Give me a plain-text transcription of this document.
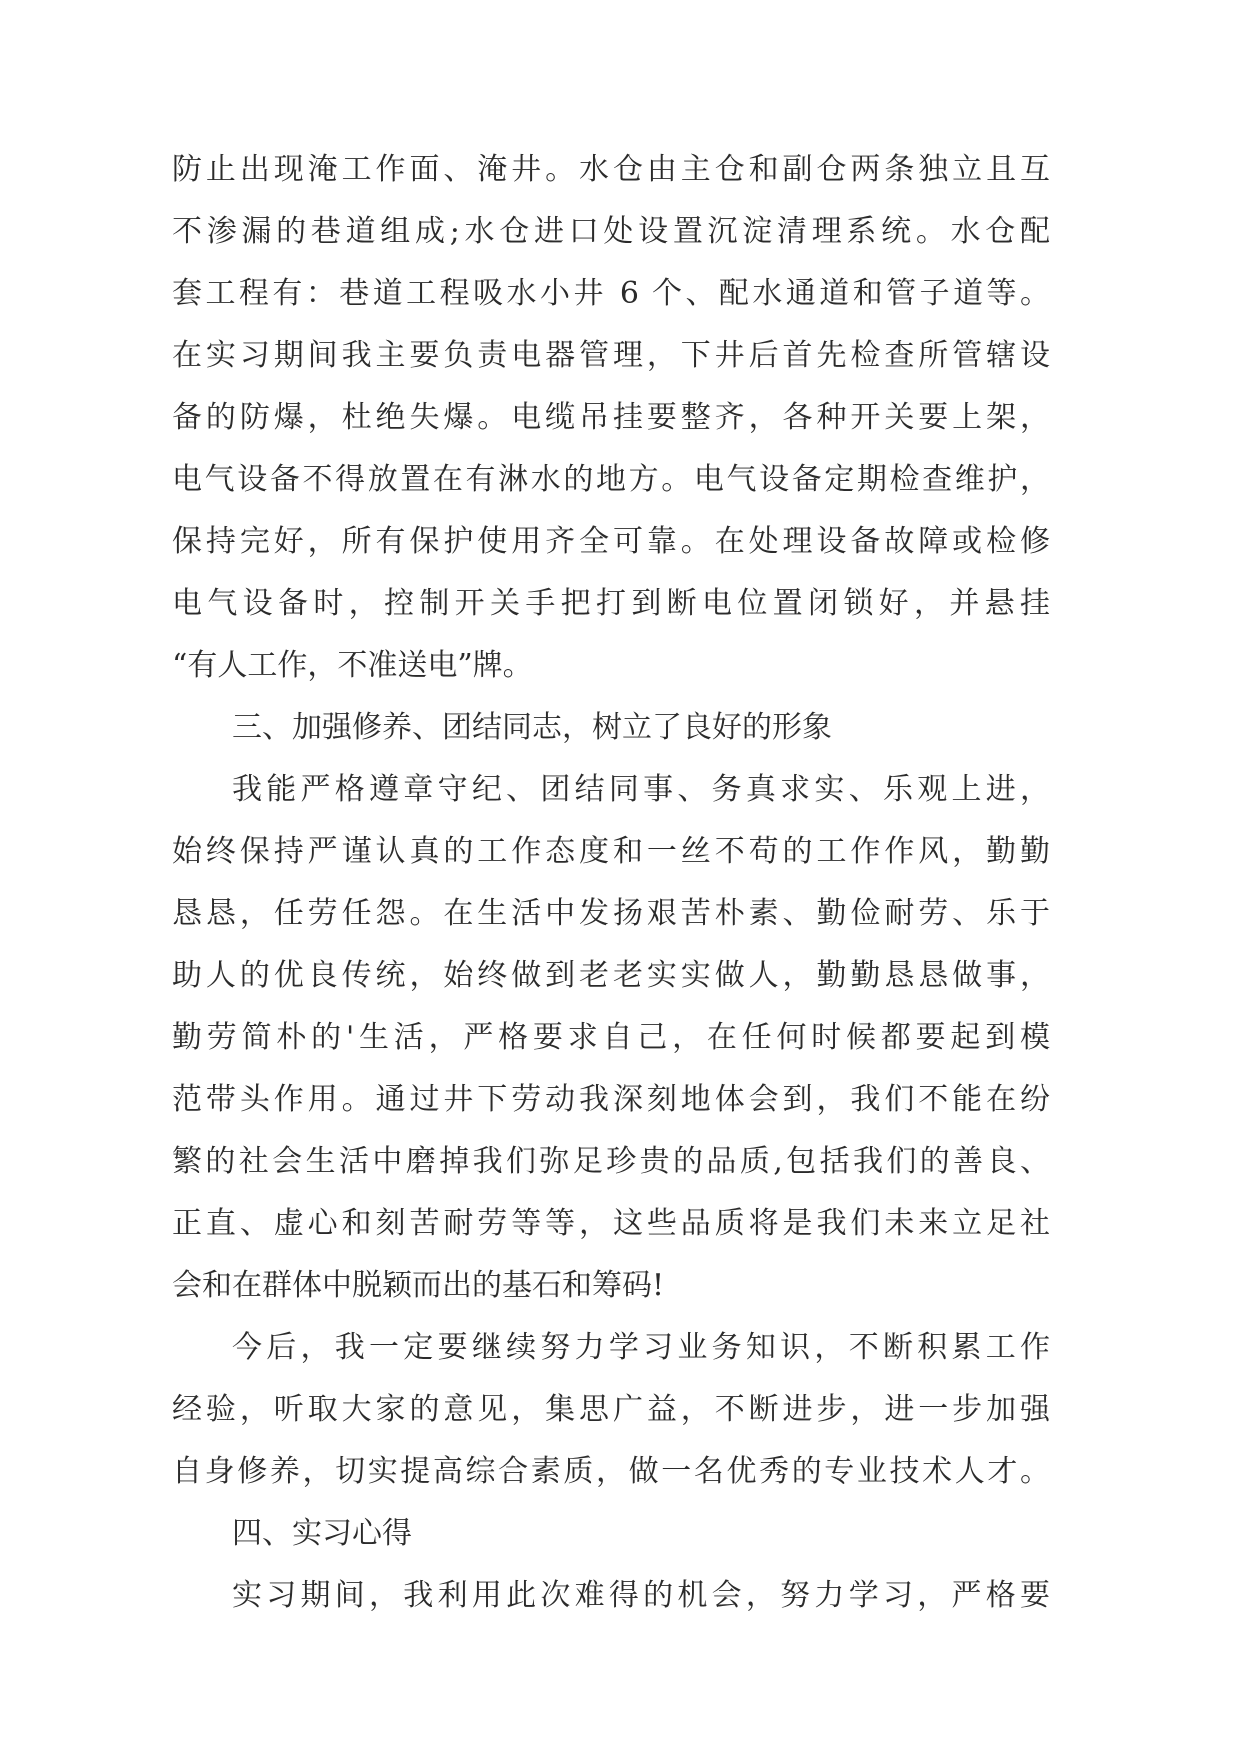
防止出现淹工作面、淹井。水仓由主仓和副仓两条独立且互
不渗漏的巷道组成;水仓进口处设置沉淀清理系统。水仓配
套工程有：巷道工程吸水小井 6 个、配水通道和管子道等。
在实习期间我主要负责电器管理，下井后首先检查所管辖设
备的防爆，杜绝失爆。电缆吊挂要整齐，各种开关要上架，
电气设备不得放置在有淋水的地方。电气设备定期检查维护，
保持完好，所有保护使用齐全可靠。在处理设备故障或检修
电气设备时，控制开关手把打到断电位置闭锁好，并悬挂
“有人工作，不准送电”牌。
三、加强修养、团结同志，树立了良好的形象
我能严格遵章守纪、团结同事、务真求实、乐观上进，
始终保持严谨认真的工作态度和一丝不苟的工作作风，勤勤
恳恳，任劳任怨。在生活中发扬艰苦朴素、勤俭耐劳、乐于
助人的优良传统，始终做到老老实实做人，勤勤恳恳做事，
勤劳简朴的'生活，严格要求自己，在任何时候都要起到模
范带头作用。通过井下劳动我深刻地体会到，我们不能在纷
繁的社会生活中磨掉我们弥足珍贵的品质,包括我们的善良、
正直、虚心和刻苦耐劳等等，这些品质将是我们未来立足社
会和在群体中脱颖而出的基石和筹码!
今后，我一定要继续努力学习业务知识，不断积累工作
经验，听取大家的意见，集思广益，不断进步，进一步加强
自身修养，切实提高综合素质，做一名优秀的专业技术人才。
四、实习心得
实习期间，我利用此次难得的机会，努力学习，严格要
